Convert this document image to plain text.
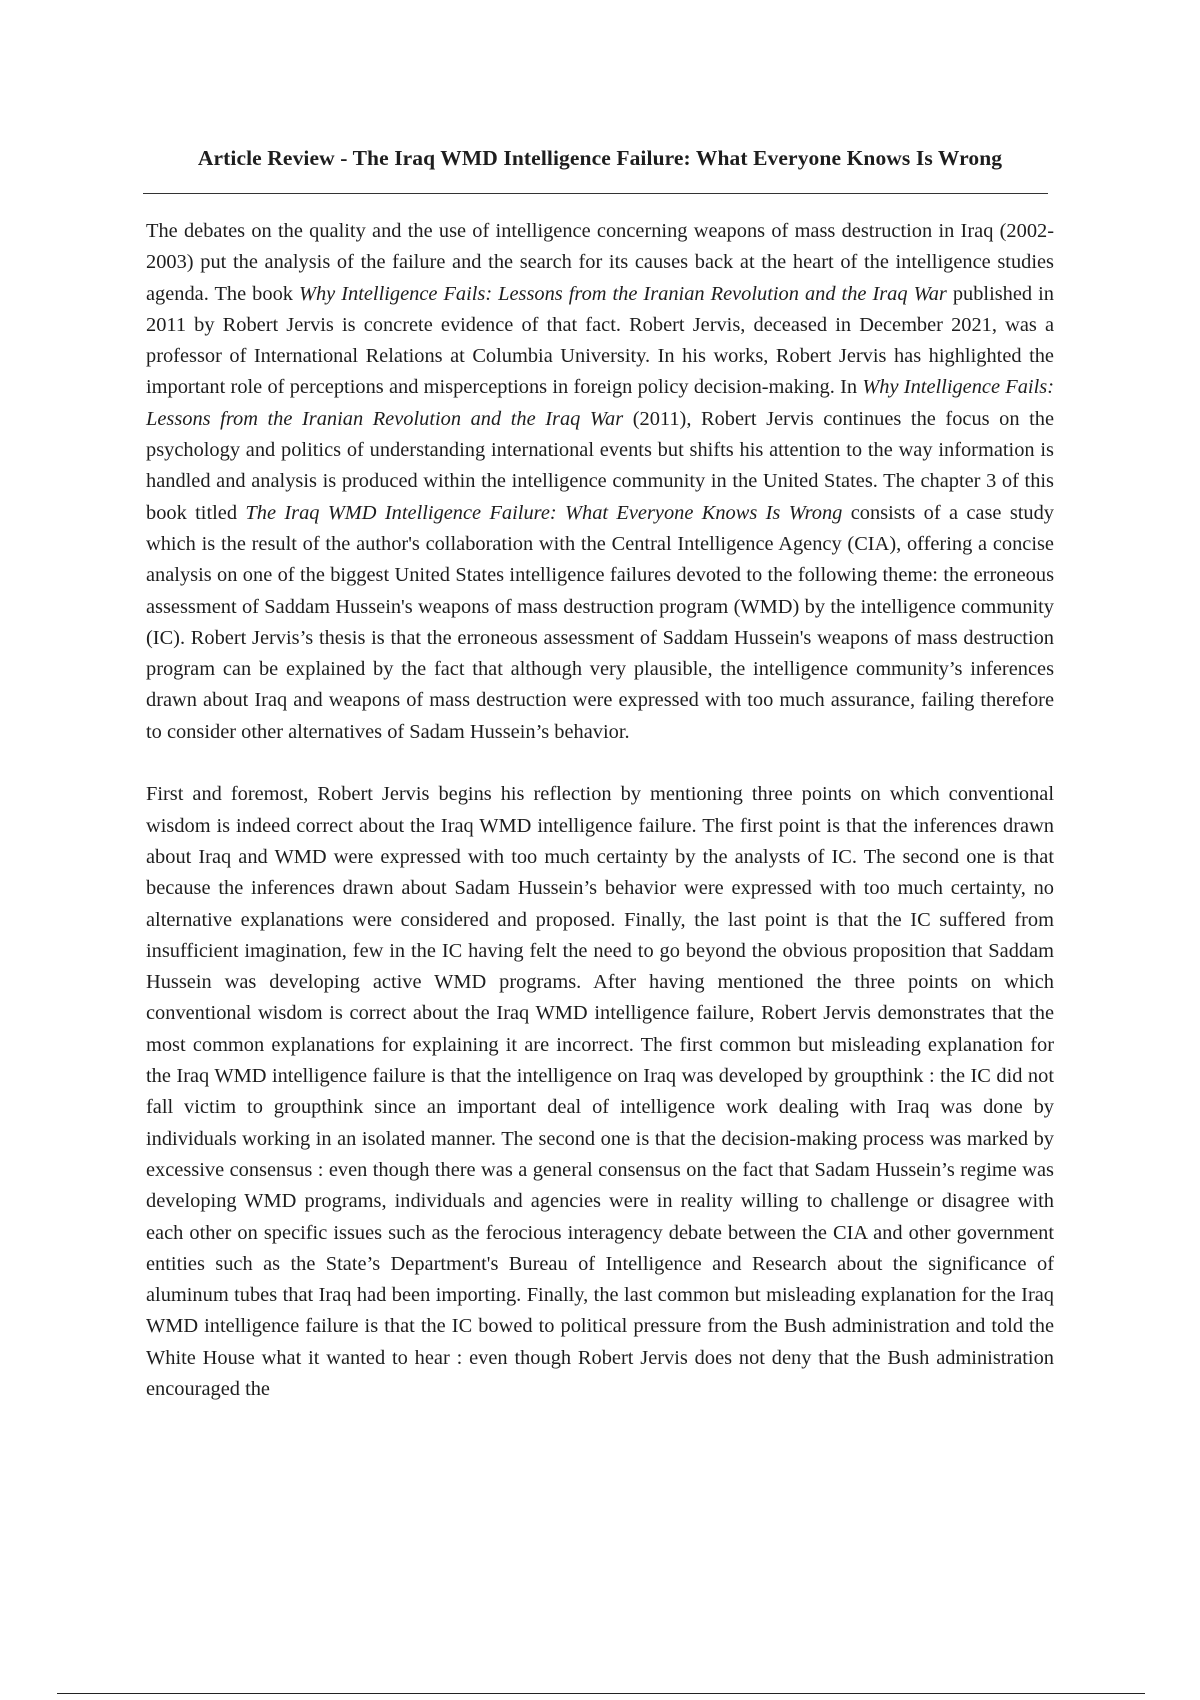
Article Review - The Iraq WMD Intelligence Failure: What Everyone Knows Is Wrong

The debates on the quality and the use of intelligence concerning weapons of mass destruction in Iraq (2002-2003) put the analysis of the failure and the search for its causes back at the heart of the intelligence studies agenda. The book Why Intelligence Fails: Lessons from the Iranian Revolution and the Iraq War published in 2011 by Robert Jervis is concrete evidence of that fact. Robert Jervis, deceased in December 2021, was a professor of International Relations at Columbia University. In his works, Robert Jervis has highlighted the important role of perceptions and misperceptions in foreign policy decision-making. In Why Intelligence Fails: Lessons from the Iranian Revolution and the Iraq War (2011), Robert Jervis continues the focus on the psychology and politics of understanding international events but shifts his attention to the way information is handled and analysis is produced within the intelligence community in the United States. The chapter 3 of this book titled The Iraq WMD Intelligence Failure: What Everyone Knows Is Wrong consists of a case study which is the result of the author's collaboration with the Central Intelligence Agency (CIA), offering a concise analysis on one of the biggest United States intelligence failures devoted to the following theme: the erroneous assessment of Saddam Hussein's weapons of mass destruction program (WMD) by the intelligence community (IC). Robert Jervis’s thesis is that the erroneous assessment of Saddam Hussein's weapons of mass destruction program can be explained by the fact that although very plausible, the intelligence community’s inferences drawn about Iraq and weapons of mass destruction were expressed with too much assurance, failing therefore to consider other alternatives of Sadam Hussein’s behavior.

First and foremost, Robert Jervis begins his reflection by mentioning three points on which conventional wisdom is indeed correct about the Iraq WMD intelligence failure. The first point is that the inferences drawn about Iraq and WMD were expressed with too much certainty by the analysts of IC. The second one is that because the inferences drawn about Sadam Hussein’s behavior were expressed with too much certainty, no alternative explanations were considered and proposed. Finally, the last point is that the IC suffered from insufficient imagination, few in the IC having felt the need to go beyond the obvious proposition that Saddam Hussein was developing active WMD programs. After having mentioned the three points on which conventional wisdom is correct about the Iraq WMD intelligence failure, Robert Jervis demonstrates that the most common explanations for explaining it are incorrect. The first common but misleading explanation for the Iraq WMD intelligence failure is that the intelligence on Iraq was developed by groupthink : the IC did not fall victim to groupthink since an important deal of intelligence work dealing with Iraq was done by individuals working in an isolated manner. The second one is that the decision-making process was marked by excessive consensus : even though there was a general consensus on the fact that Sadam Hussein’s regime was developing WMD programs, individuals and agencies were in reality willing to challenge or disagree with each other on specific issues such as the ferocious interagency debate between the CIA and other government entities such as the State’s Department's Bureau of Intelligence and Research about the significance of aluminum tubes that Iraq had been importing. Finally, the last common but misleading explanation for the Iraq WMD intelligence failure is that the IC bowed to political pressure from the Bush administration and told the White House what it wanted to hear : even though Robert Jervis does not deny that the Bush administration encouraged the
